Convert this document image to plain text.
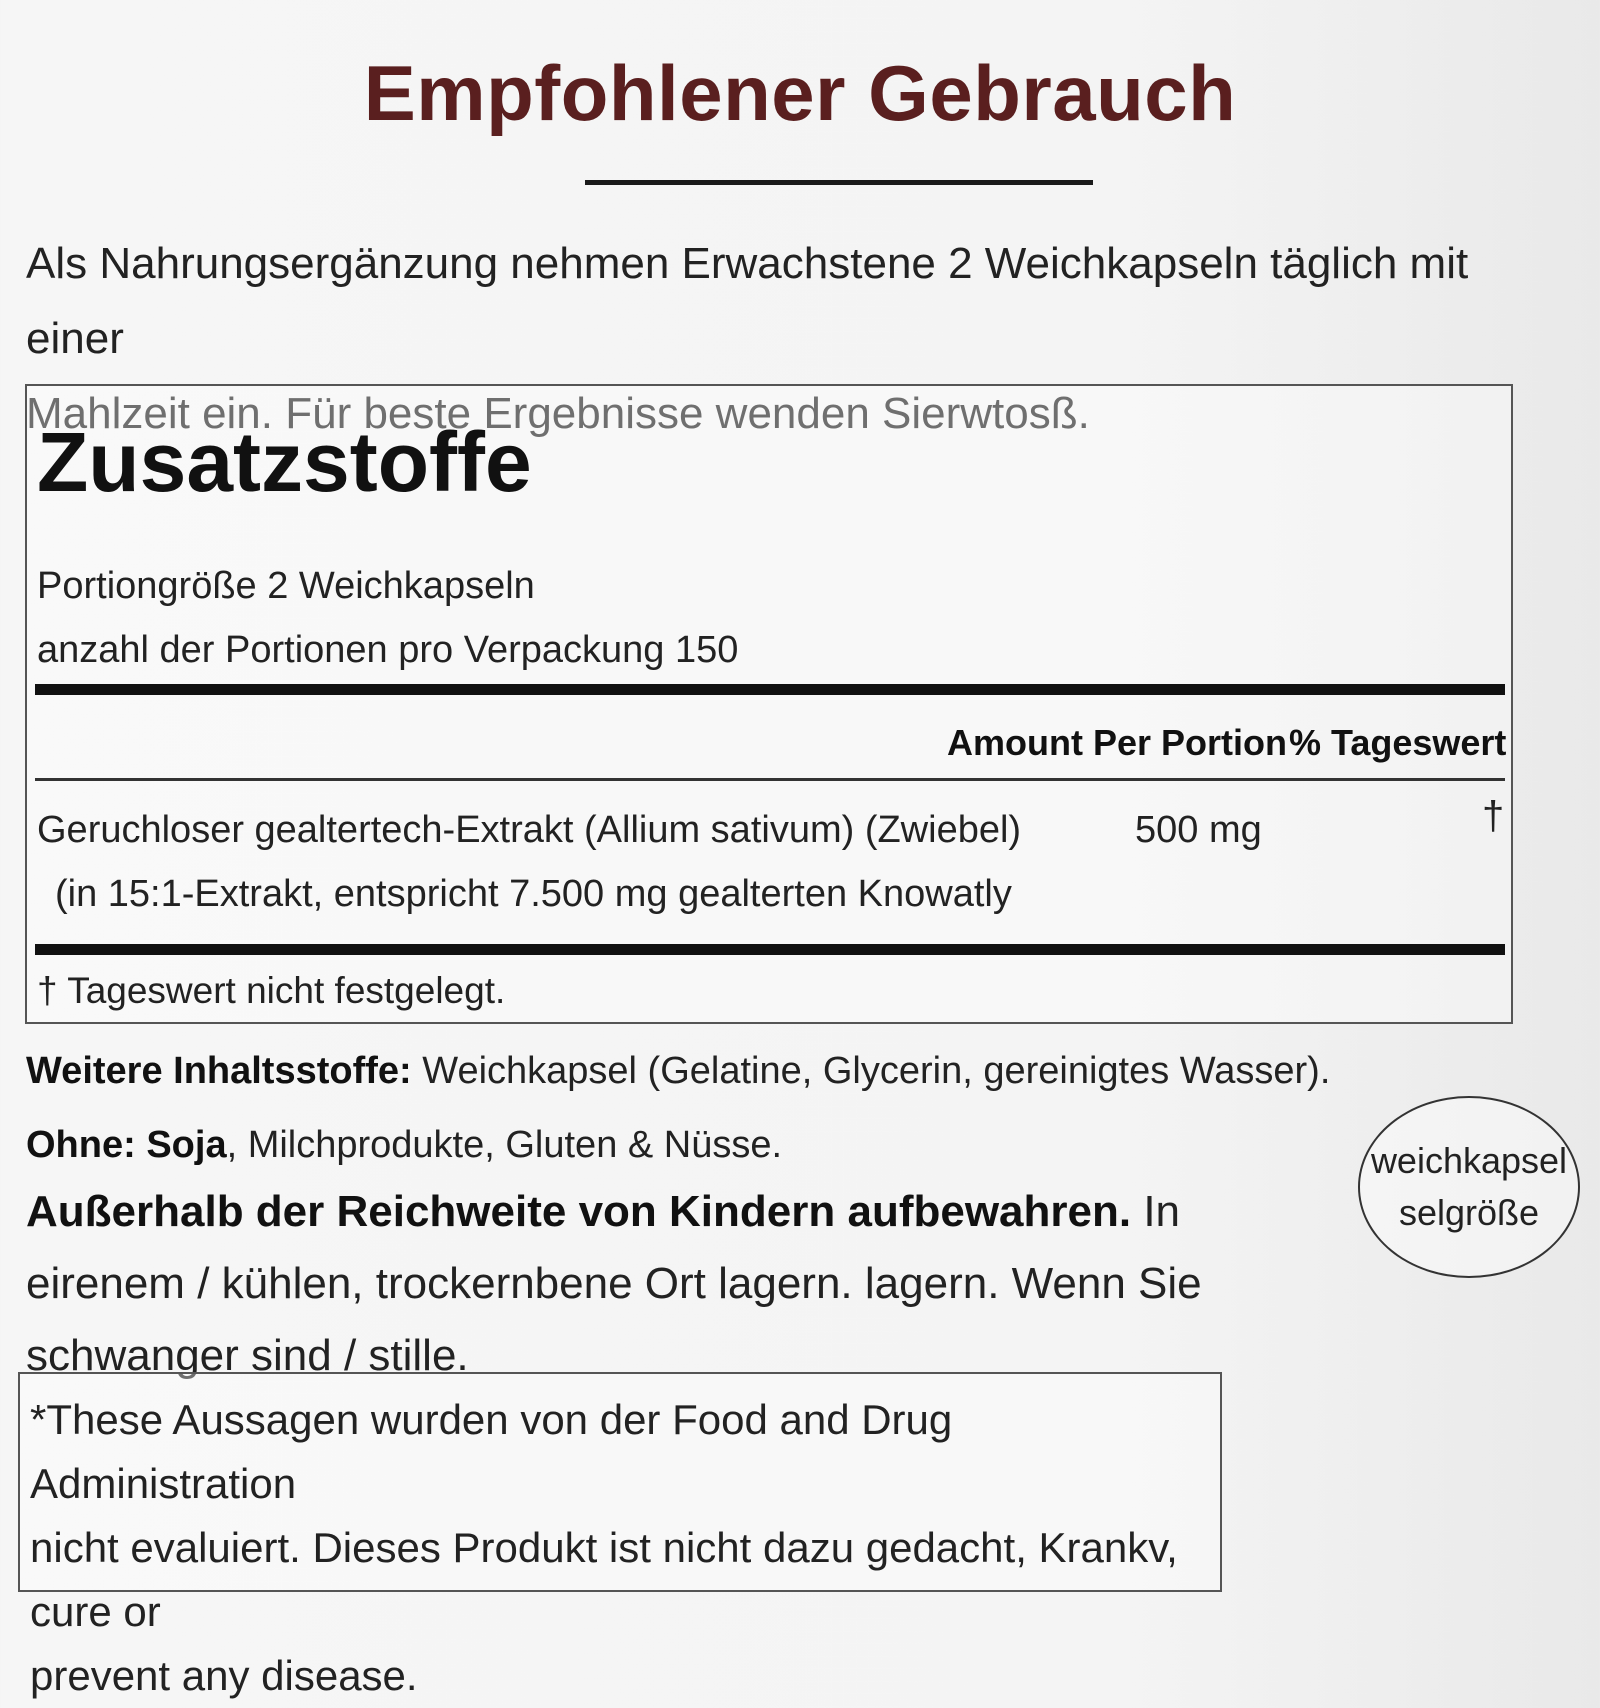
Empfohlener Gebrauch

Als Nahrungsergänzung nehmen Erwachstene 2 Weichkapseln täglich mit einer
Mahlzeit ein. Für beste Ergebnisse wenden Sierwtosß.

Zusatzstoffe
Portiongröße 2 Weichkapseln
anzahl der Portionen pro Verpackung 150
Amount Per Portion % Tageswert
Geruchloser gealtertech-Extrakt (Allium sativum) (Zwiebel)
(in 15:1-Extrakt, entspricht 7.500 mg gealterten Knowatly
500 mg	†
† Tageswert nicht festgelegt.
Weitere Inhaltsstoffe: Weichkapsel (Gelatine, Glycerin, gereinigtes Wasser).
Ohne: Soja, Milchprodukte, Gluten & Nüsse.
Außerhalb der Reichweite von Kindern aufbewahren. In eirenem / kühlen, trockernbene Ort lagern. lagern. Wenn Sie schwanger sind / stille.
weichkapsel
selgröße
*These Aussagen wurden von der Food and Drug Administration
nicht evaluiert. Dieses Produkt ist nicht dazu gedacht, Krankv, cure or
prevent any disease.
